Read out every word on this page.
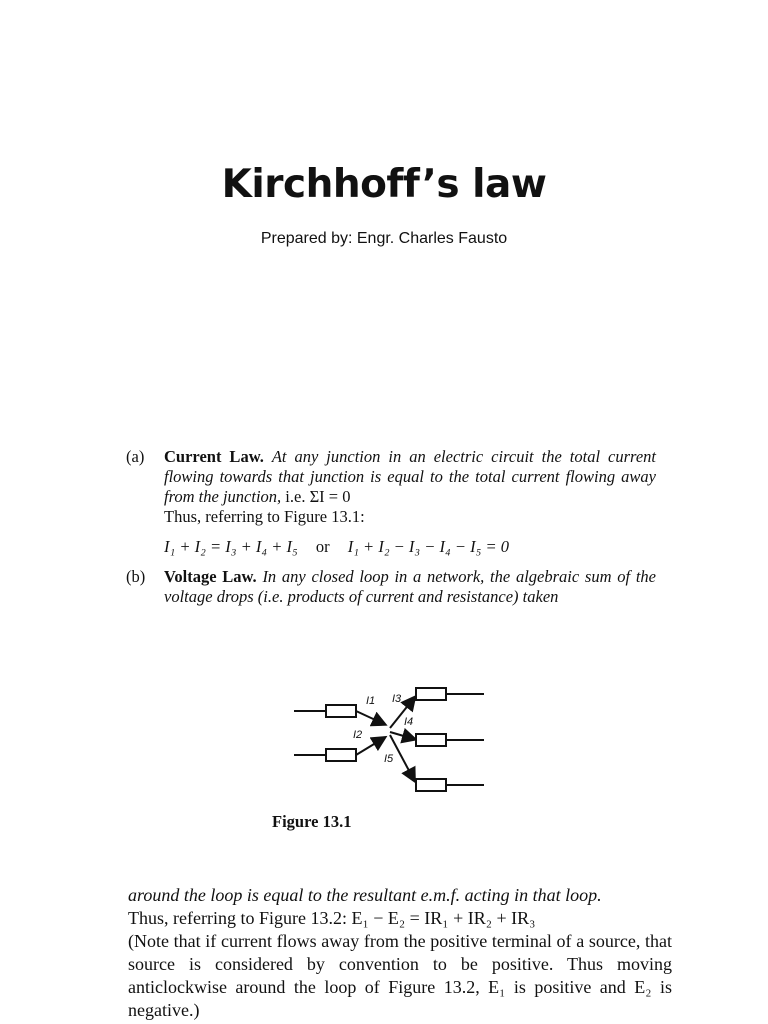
Kirchhoff’s law
Prepared by: Engr. Charles Fausto
(a) Current Law. At any junction in an electric circuit the total current flowing towards that junction is equal to the total current flowing away from the junction, i.e. ΣI = 0
Thus, referring to Figure 13.1:
I₁ + I₂ = I₃ + I₄ + I₅ or I₁ + I₂ − I₃ − I₄ − I₅ = 0
(b) Voltage Law. In any closed loop in a network, the algebraic sum of the voltage drops (i.e. products of current and resistance) taken
I1
I2
I3
I4
I5
Figure 13.1

around the loop is equal to the resultant e.m.f. acting in that loop.

Thus, referring to Figure 13.2: E₁ − E₂ = IR₁ + IR₂ + IR₃

(Note that if current flows away from the positive terminal of a source, that source is considered by convention to be positive. Thus moving anticlockwise around the loop of Figure 13.2, E₁ is positive and E₂ is negative.)
